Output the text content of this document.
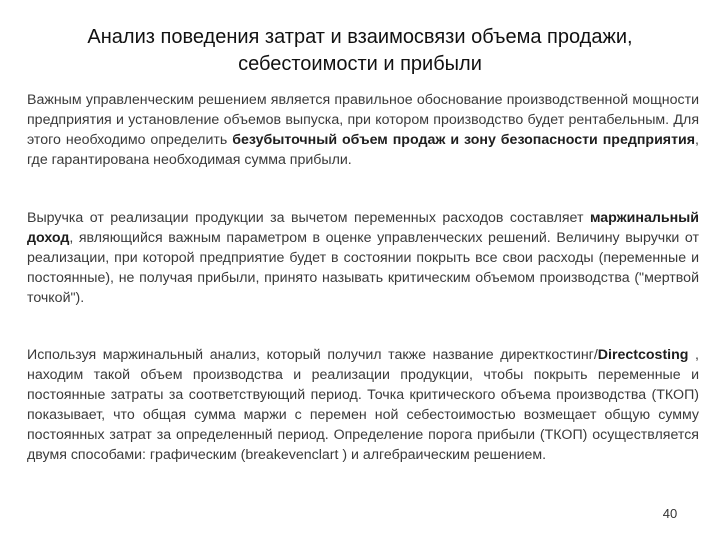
Анализ поведения затрат и взаимосвязи объема продажи,
себестоимости и прибыли

Важным управленческим решением является правильное обоснование производственной мощности предприятия и установление объемов выпуска, при котором производство будет рентабельным. Для этого необходимо определить безубыточный объем продаж и зону безопасности предприятия, где гарантирована необходимая сумма прибыли.

Выручка от реализации продукции за вычетом переменных расходов составляет маржинальный доход, являющийся важным параметром в оценке управленческих решений. Величину выручки от реализации, при которой предприятие будет в состоянии покрыть все свои расходы (переменные и постоянные), не получая прибыли, принято называть критическим объемом производства ("мертвой точкой").

Используя маржинальный анализ, который получил также название директкостинг/Directcosting , находим такой объем производства и реализации продукции, чтобы покрыть переменные и постоянные затраты за соответствующий период. Точка критического объема производства (ТКОП) показывает, что общая сумма маржи с перемен ной себестоимостью возмещает общую сумму постоянных затрат за определенный период. Определение порога прибыли (ТКОП) осуществляется двумя способами: графическим (breakevenclart ) и алгебраическим решением.

40
